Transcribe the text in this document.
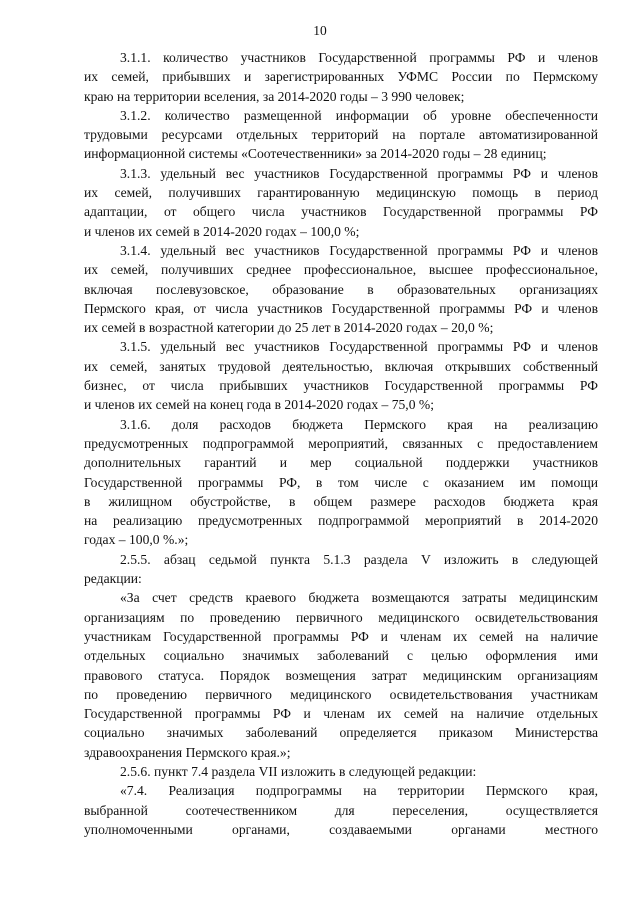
10
3.1.1. количество участников Государственной программы РФ и членов
их семей, прибывших и зарегистрированных УФМС России по Пермскому
краю на территории вселения, за 2014-2020 годы – 3 990 человек;
3.1.2. количество размещенной информации об уровне обеспеченности
трудовыми ресурсами отдельных территорий на портале автоматизированной
информационной системы «Соотечественники» за 2014-2020 годы – 28 единиц;
3.1.3. удельный вес участников Государственной программы РФ и членов
их семей, получивших гарантированную медицинскую помощь в период
адаптации, от общего числа участников Государственной программы РФ
и членов их семей в 2014-2020 годах – 100,0 %;
3.1.4. удельный вес участников Государственной программы РФ и членов
их семей, получивших среднее профессиональное, высшее профессиональное,
включая послевузовское, образование в образовательных организациях
Пермского края, от числа участников Государственной программы РФ и членов
их семей в возрастной категории до 25 лет в 2014-2020 годах – 20,0 %;
3.1.5. удельный вес участников Государственной программы РФ и членов
их семей, занятых трудовой деятельностью, включая открывших собственный
бизнес, от числа прибывших участников Государственной программы РФ
и членов их семей на конец года в 2014-2020 годах – 75,0 %;
3.1.6. доля расходов бюджета Пермского края на реализацию
предусмотренных подпрограммой мероприятий, связанных с предоставлением
дополнительных гарантий и мер социальной поддержки участников
Государственной программы РФ, в том числе с оказанием им помощи
в жилищном обустройстве, в общем размере расходов бюджета края
на реализацию предусмотренных подпрограммой мероприятий в 2014-2020
годах – 100,0 %.»;
2.5.5. абзац седьмой пункта 5.1.3 раздела V изложить в следующей
редакции:
«За счет средств краевого бюджета возмещаются затраты медицинским
организациям по проведению первичного медицинского освидетельствования
участникам Государственной программы РФ и членам их семей на наличие
отдельных социально значимых заболеваний с целью оформления ими
правового статуса. Порядок возмещения затрат медицинским организациям
по проведению первичного медицинского освидетельствования участникам
Государственной программы РФ и членам их семей на наличие отдельных
социально значимых заболеваний определяется приказом Министерства
здравоохранения Пермского края.»;
2.5.6. пункт 7.4 раздела VII изложить в следующей редакции:
«7.4. Реализация подпрограммы на территории Пермского края,
выбранной соотечественником для переселения, осуществляется
уполномоченными органами, создаваемыми органами местного
